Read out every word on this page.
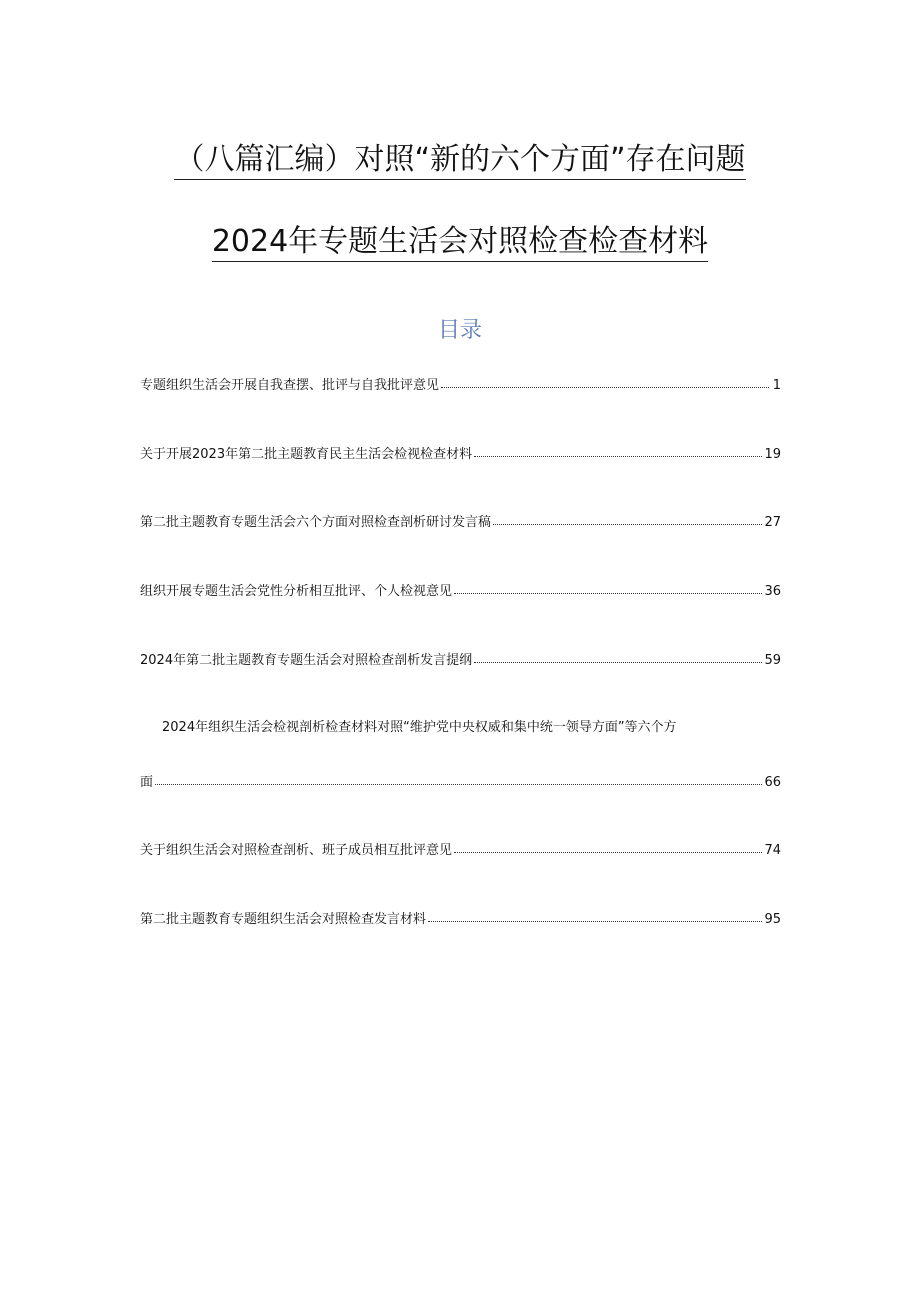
（八篇汇编）对照“新的六个方面”存在问题
2024年专题生活会对照检查检查材料
目录
专题组织生活会开展自我查摆、批评与自我批评意见	1
关于开展2023年第二批主题教育民主生活会检视检查材料	19
第二批主题教育专题生活会六个方面对照检查剖析研讨发言稿	27
组织开展专题生活会党性分析相互批评、个人检视意见	36
2024年第二批主题教育专题生活会对照检查剖析发言提纲	59
2024年组织生活会检视剖析检查材料对照“维护党中央权威和集中统一领导方面”等六个方
面	66
关于组织生活会对照检查剖析、班子成员相互批评意见	74
第二批主题教育专题组织生活会对照检查发言材料	95
